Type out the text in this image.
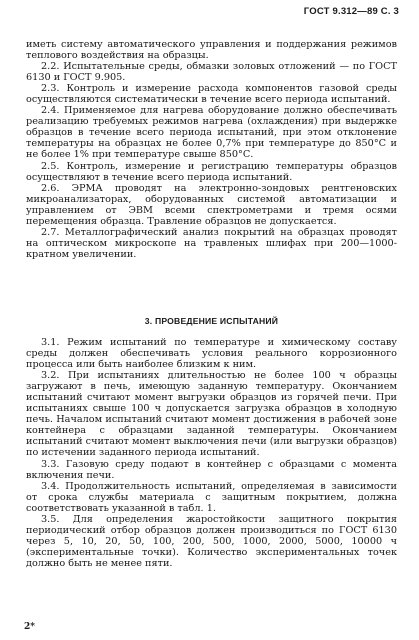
ГОСТ 9.312—89 С. 3

иметь систему автоматического управления и поддержания режимов теплового воздействия на образцы.

2.2. Испытательные среды, обмазки золовых отложений — по ГОСТ 6130 и ГОСТ 9.905.

2.3. Контроль и измерение расхода компонентов газовой среды осуществляются систематически в течение всего периода испытаний.

2.4. Применяемое для нагрева оборудование должно обеспечивать реализацию требуемых режимов нагрева (охлаждения) при выдержке образцов в течение всего периода испытаний, при этом отклонение температуры на образцах не более 0,7% при температуре до 850°С и не более 1% при температуре свыше 850°С.

2.5. Контроль, измерение и регистрацию температуры образцов осуществляют в течение всего периода испытаний.

2.6. ЭРМА проводят на электронно-зондовых рентгеновских микроанализаторах, оборудованных системой автоматизации и управлением от ЭВМ всеми спектрометрами и тремя осями перемещения образца. Травление образцов не допускается.

2.7. Металлографический анализ покрытий на образцах проводят на оптическом микроскопе на травленых шлифах при 200—1000-кратном увеличении.

3. ПРОВЕДЕНИЕ ИСПЫТАНИЙ

3.1. Режим испытаний по температуре и химическому составу среды должен обеспечивать условия реального коррозионного процесса или быть наиболее близким к ним.

3.2. При испытаниях длительностью не более 100 ч образцы загружают в печь, имеющую заданную температуру. Окончанием испытаний считают момент выгрузки образцов из горячей печи. При испытаниях свыше 100 ч допускается загрузка образцов в холодную печь. Началом испытаний считают момент достижения в рабочей зоне контейнера с образцами заданной температуры. Окончанием испытаний считают момент выключения печи (или выгрузки образцов) по истечении заданного периода испытаний.

3.3. Газовую среду подают в контейнер с образцами с момента включения печи.

3.4. Продолжительность испытаний, определяемая в зависимости от срока службы материала с защитным покрытием, должна соответствовать указанной в табл. 1.

3.5. Для определения жаростойкости защитного покрытия периодический отбор образцов должен производиться по ГОСТ 6130 через 5, 10, 20, 50, 100, 200, 500, 1000, 2000, 5000, 10000 ч (экспериментальные точки). Количество экспериментальных точек должно быть не менее пяти.

2*
